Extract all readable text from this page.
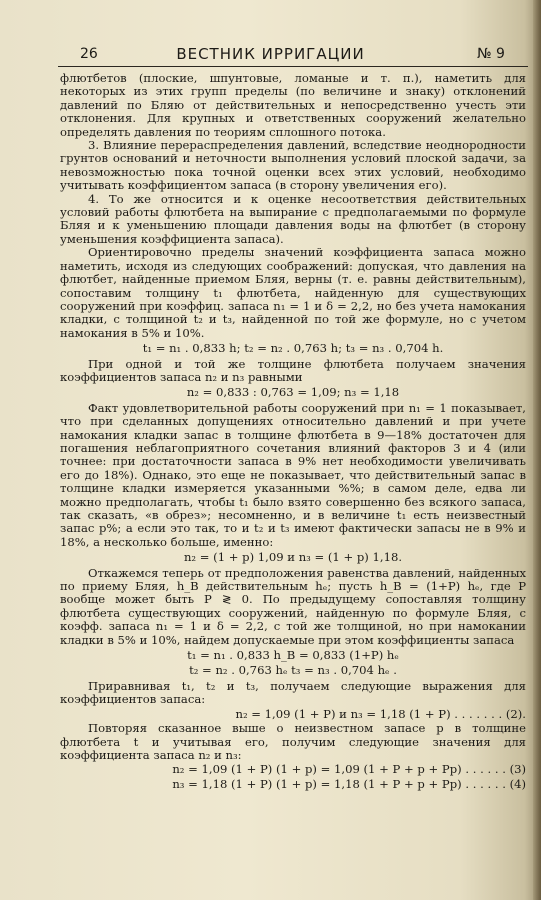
26	ВЕСТНИК ИРРИГАЦИИ	№ 9

флютбетов (плоские, шпунтовые, ломаные и т. п.), наметить для некоторых из этих групп пределы (по величине и знаку) отклонений давлений по Бляю от действительных и непосредственно учесть эти отклонения. Для крупных и ответственных сооружений желательно определять давления по теориям сплошного потока.

3. Влияние перераспределения давлений, вследствие неоднородности грунтов оснований и неточности выполнения условий плоской задачи, за невозможностью пока точной оценки всех этих условий, необходимо учитывать коэффициентом запаса (в сторону увеличения его).

4. То же относится и к оценке несоответствия действительных условий работы флютбета на выпирание с предполагаемыми по формуле Бляя и к уменьшению площади давления воды на флютбет (в сторону уменьшения коэффициента запаса).

Ориентировочно пределы значений коэффициента запаса можно наметить, исходя из следующих соображений: допуская, что давления на флютбет, найденные приемом Бляя, верны (т. е. равны действительным), сопоставим толщину t₁ флютбета, найденную для существующих сооружений при коэффиц. запаса n₁ = 1 и δ = 2,2, но без учета намокания кладки, с толщиной t₂ и t₃, найденной по той же формуле, но с учетом намокания в 5% и 10%.

t₁ = n₁ . 0,833 h; t₂ = n₂ . 0,763 h; t₃ = n₃ . 0,704 h.

При одной и той же толщине флютбета получаем значения коэффициентов запаса n₂ и n₃ равными

n₂ = 0,833 : 0,763 = 1,09; n₃ = 1,18

Факт удовлетворительной работы сооружений при n₁ = 1 показывает, что при сделанных допущениях относительно давлений и при учете намокания кладки запас в толщине флютбета в 9—18% достаточен для погашения неблагоприятного сочетания влияний факторов 3 и 4 (или точнее: при достаточности запаса в 9% нет необходимости увеличивать его до 18%). Однако, это еще не показывает, что действительный запас в толщине кладки измеряется указанными %%; в самом деле, едва ли можно предполагать, чтобы t₁ было взято совершенно без всякого запаса, так сказать, «в обрез»; несомненно, и в величине t₁ есть неизвестный запас p%; а если это так, то и t₂ и t₃ имеют фактически запасы не в 9% и 18%, а несколько больше, именно:

n₂ = (1 + p) 1,09 и n₃ = (1 + p) 1,18.

Откажемся теперь от предположения равенства давлений, найденных по приему Бляя, h_B действительным hₑ; пусть h_B = (1+P) hₑ, где P вообще может быть P ≷ 0. По предыдущему сопоставляя толщину флютбета существующих сооружений, найденную по формуле Бляя, с коэфф. запаса n₁ = 1 и δ = 2,2, с той же толщиной, но при намокании кладки в 5% и 10%, найдем допускаемые при этом коэффициенты запаса

t₁ = n₁ . 0,833 h_B = 0,833 (1+P) hₑ

t₂ = n₂ . 0,763 hₑ t₃ = n₃ . 0,704 hₑ .

Приравнивая t₁, t₂ и t₃, получаем следующие выражения для коэффициентов запаса:

n₂ = 1,09 (1 + P) и n₃ = 1,18 (1 + P) . . . . . . . (2).

Повторяя сказанное выше о неизвестном запасе p в толщине флютбета t и учитывая его, получим следующие значения для коэффициента запаса n₂ и n₃:

n₂ = 1,09 (1 + P) (1 + p) = 1,09 (1 + P + p + Pp) . . . . . . (3)

n₃ = 1,18 (1 + P) (1 + p) = 1,18 (1 + P + p + Pp) . . . . . . (4)
